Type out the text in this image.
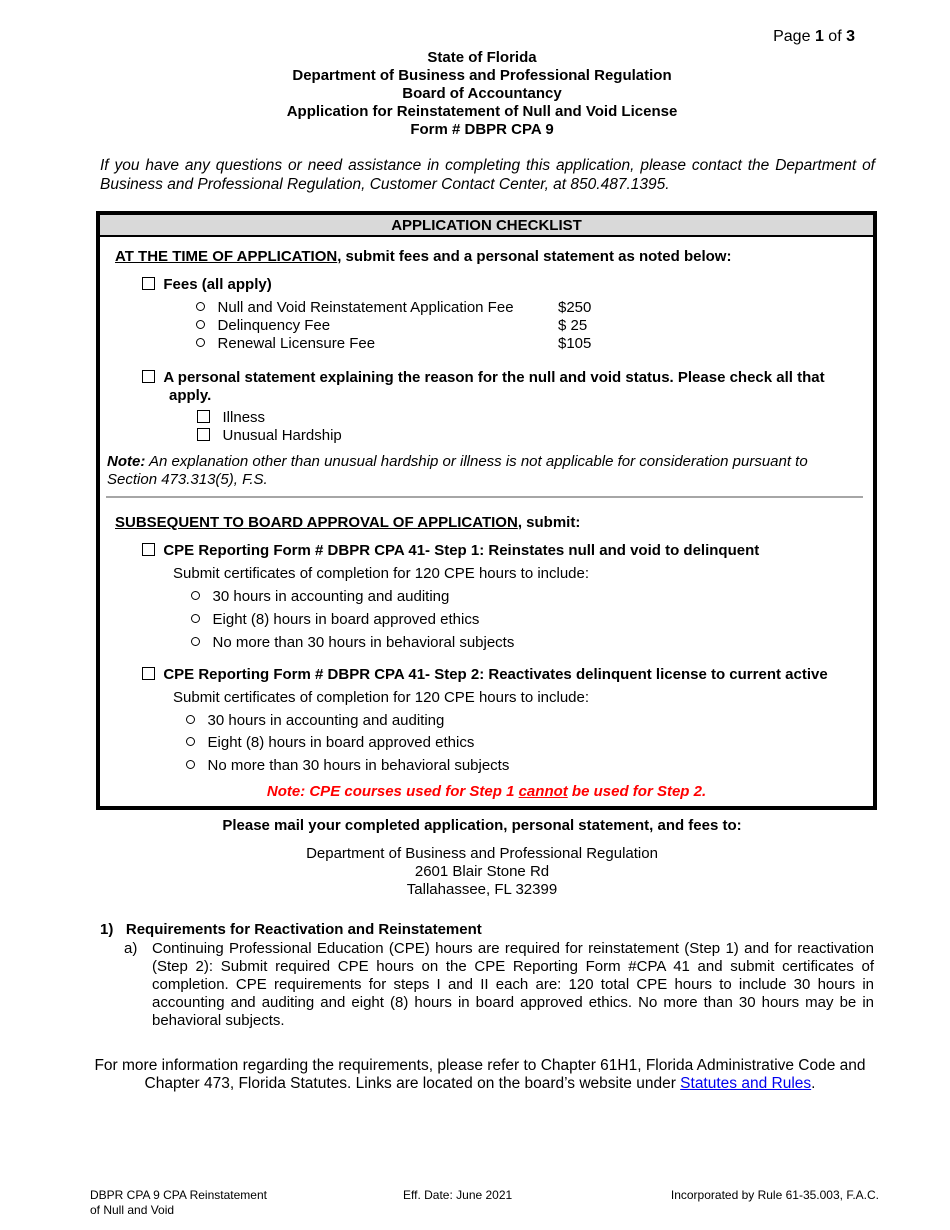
Page 1 of 3
State of Florida
Department of Business and Professional Regulation
Board of Accountancy
Application for Reinstatement of Null and Void License
Form # DBPR CPA 9
If you have any questions or need assistance in completing this application, please contact the Department of Business and Professional Regulation, Customer Contact Center, at 850.487.1395.
APPLICATION CHECKLIST
AT THE TIME OF APPLICATION, submit fees and a personal statement as noted below:
Fees (all apply)
Null and Void Reinstatement Application Fee	$250
Delinquency Fee	$ 25
Renewal Licensure Fee	$105
A personal statement explaining the reason for the null and void status. Please check all that
apply.
Illness
Unusual Hardship
Note: An explanation other than unusual hardship or illness is not applicable for consideration pursuant to
Section 473.313(5), F.S.
SUBSEQUENT TO BOARD APPROVAL OF APPLICATION, submit:
CPE Reporting Form # DBPR CPA 41- Step 1: Reinstates null and void to delinquent
Submit certificates of completion for 120 CPE hours to include:
30 hours in accounting and auditing
Eight (8) hours in board approved ethics
No more than 30 hours in behavioral subjects
CPE Reporting Form # DBPR CPA 41- Step 2: Reactivates delinquent license to current active
Submit certificates of completion for 120 CPE hours to include:
30 hours in accounting and auditing
Eight (8) hours in board approved ethics
No more than 30 hours in behavioral subjects
Note: CPE courses used for Step 1 cannot be used for Step 2.
Please mail your completed application, personal statement, and fees to:
Department of Business and Professional Regulation
2601 Blair Stone Rd
Tallahassee, FL 32399
1) Requirements for Reactivation and Reinstatement
a) Continuing Professional Education (CPE) hours are required for reinstatement (Step 1) and for reactivation (Step 2): Submit required CPE hours on the CPE Reporting Form #CPA 41 and submit certificates of completion. CPE requirements for steps I and II each are: 120 total CPE hours to include 30 hours in accounting and auditing and eight (8) hours in board approved ethics. No more than 30 hours may be in behavioral subjects.
For more information regarding the requirements, please refer to Chapter 61H1, Florida Administrative Code and
Chapter 473, Florida Statutes. Links are located on the board’s website under Statutes and Rules.
DBPR CPA 9 CPA Reinstatement
of Null and Void
Eff. Date: June 2021	Incorporated by Rule 61-35.003, F.A.C.
